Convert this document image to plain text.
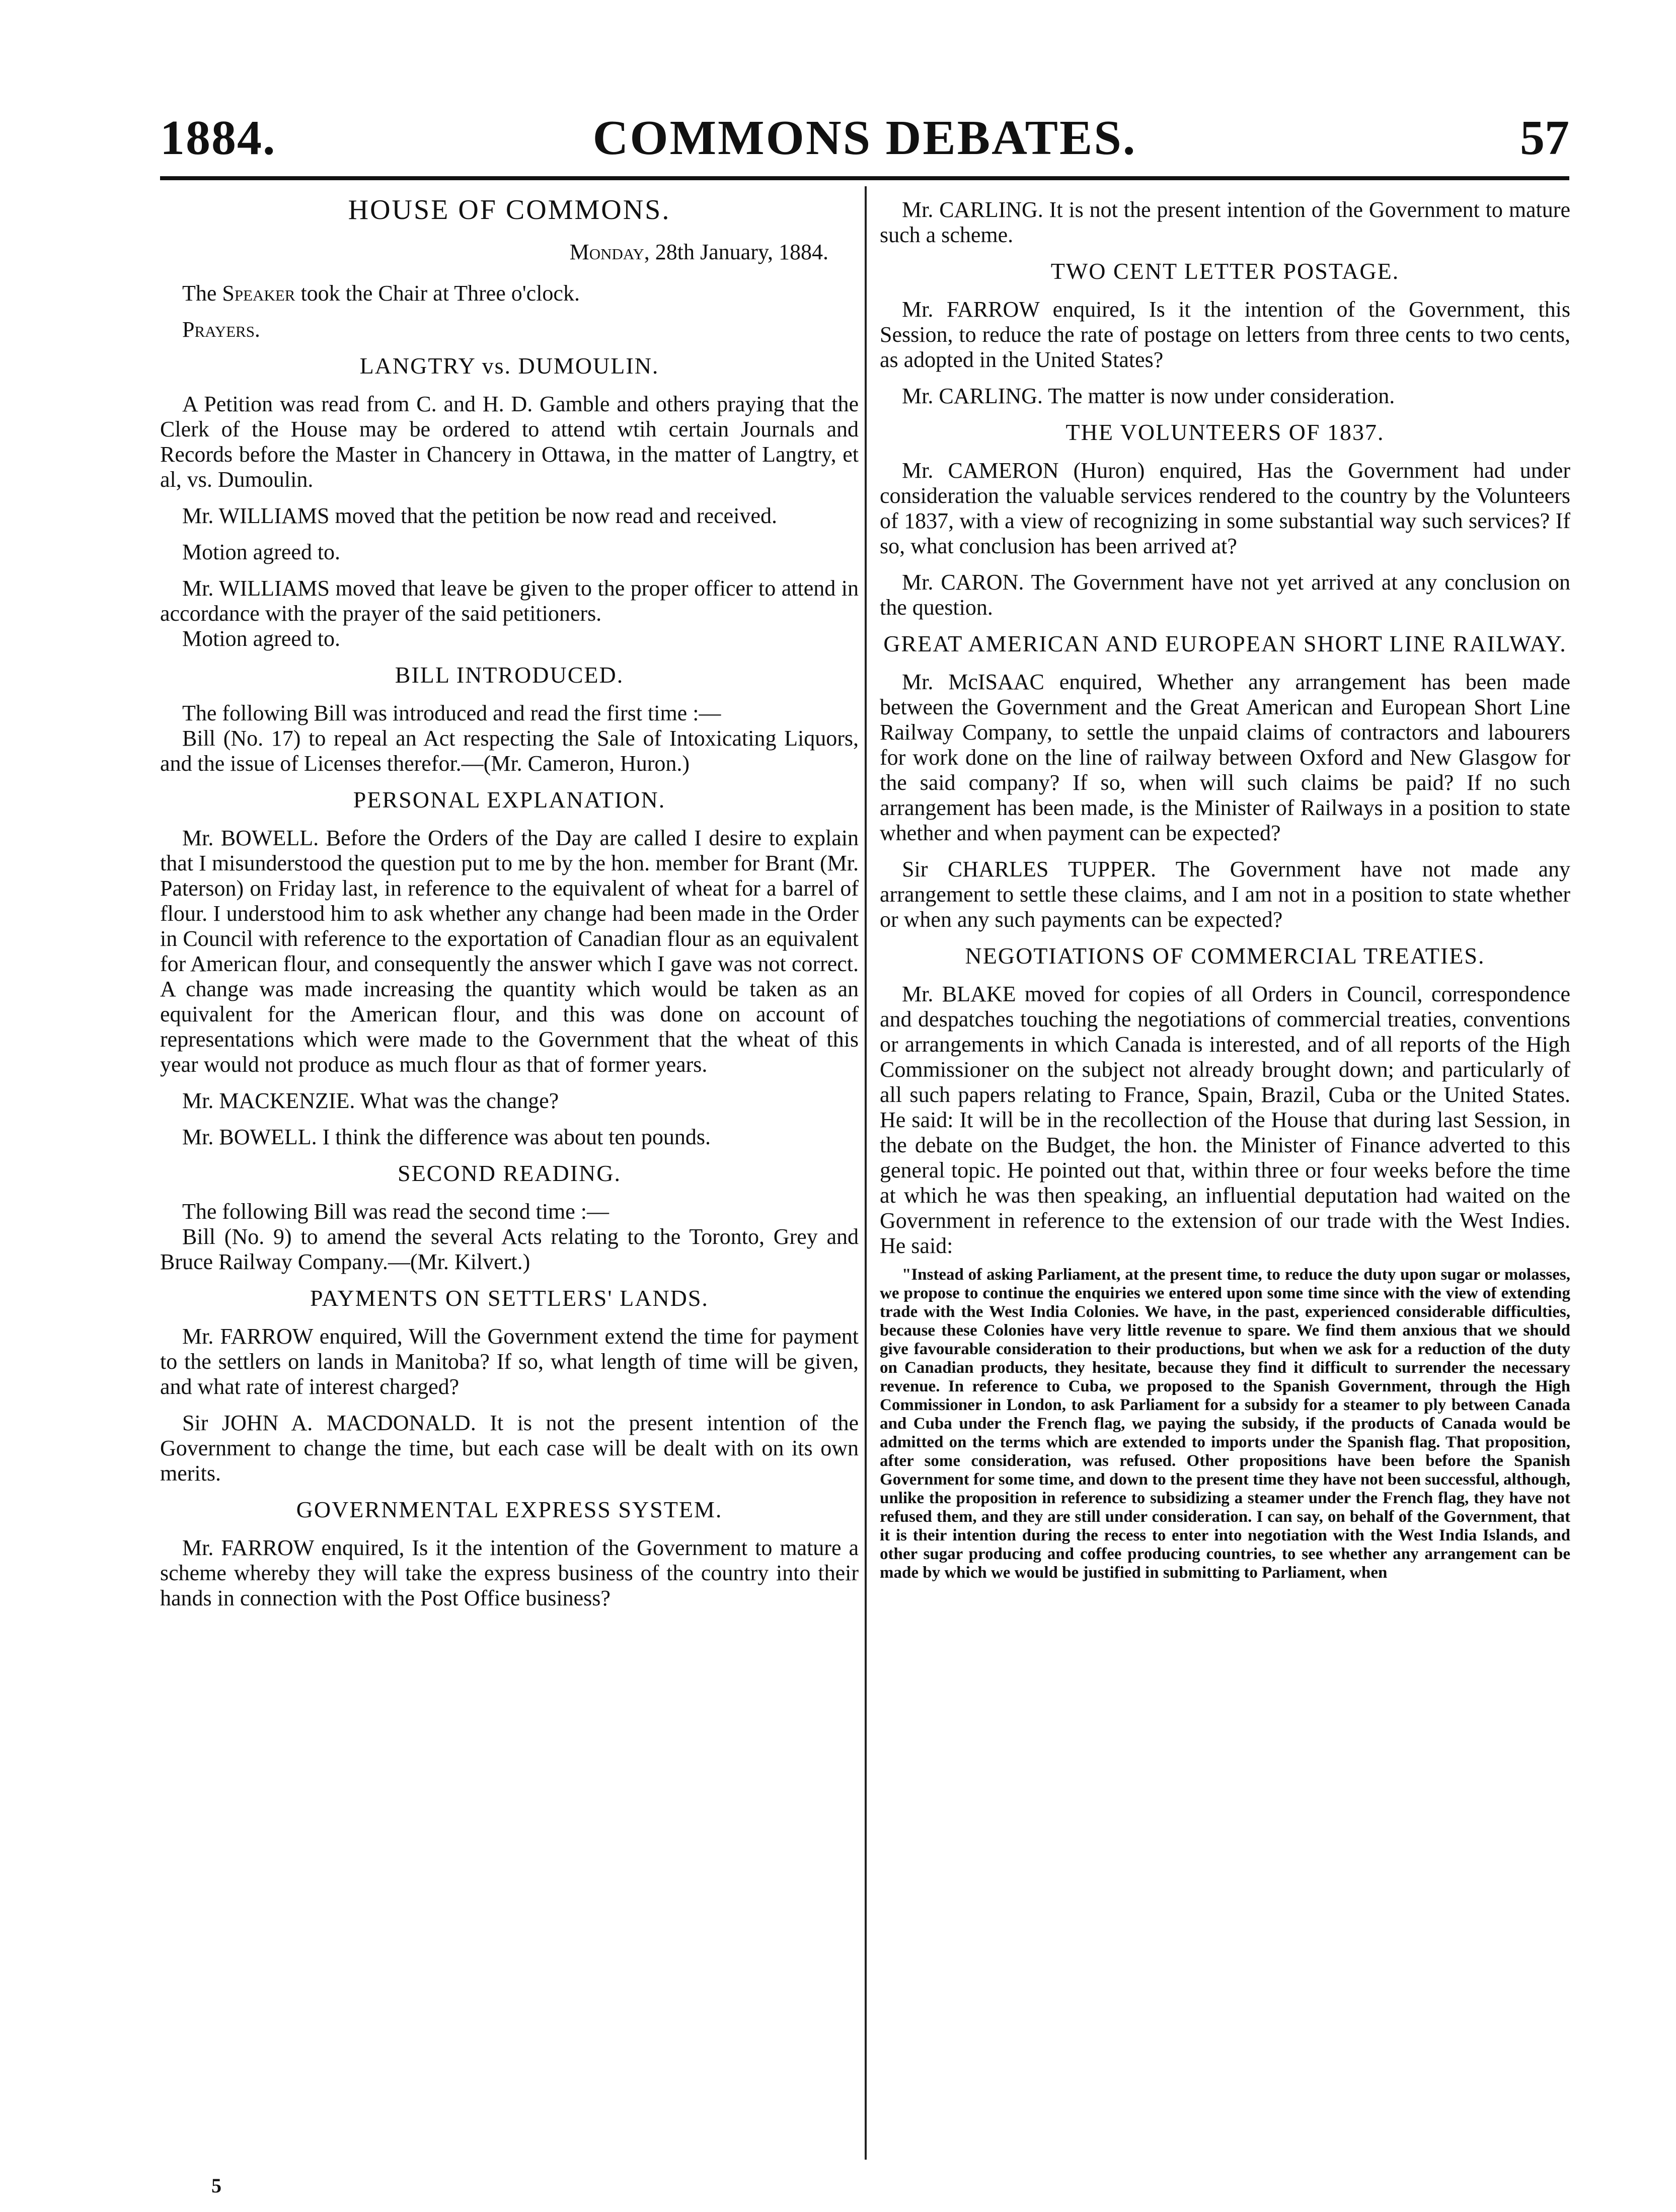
1884.	COMMONS DEBATES.	57
HOUSE OF COMMONS.
Monday, 28th January, 1884.

The Speaker took the Chair at Three o'clock.

Prayers.

LANGTRY vs. DUMOULIN.

A Petition was read from C. and H. D. Gamble and others praying that the Clerk of the House may be ordered to attend wtih certain Journals and Records before the Master in Chancery in Ottawa, in the matter of Langtry, et al, vs. Dumoulin.

Mr. WILLIAMS moved that the petition be now read and received.

Motion agreed to.

Mr. WILLIAMS moved that leave be given to the proper officer to attend in accordance with the prayer of the said petitioners.

Motion agreed to.

BILL INTRODUCED.

The following Bill was introduced and read the first time :—

Bill (No. 17) to repeal an Act respecting the Sale of Intoxicating Liquors, and the issue of Licenses therefor.—(Mr. Cameron, Huron.)

PERSONAL EXPLANATION.

Mr. BOWELL. Before the Orders of the Day are called I desire to explain that I misunderstood the question put to me by the hon. member for Brant (Mr. Paterson) on Friday last, in reference to the equivalent of wheat for a barrel of flour. I understood him to ask whether any change had been made in the Order in Council with reference to the exportation of Canadian flour as an equivalent for American flour, and consequently the answer which I gave was not correct. A change was made increasing the quantity which would be taken as an equivalent for the American flour, and this was done on account of representations which were made to the Government that the wheat of this year would not produce as much flour as that of former years.

Mr. MACKENZIE. What was the change?

Mr. BOWELL. I think the difference was about ten pounds.

SECOND READING.

The following Bill was read the second time :—

Bill (No. 9) to amend the several Acts relating to the Toronto, Grey and Bruce Railway Company.—(Mr. Kilvert.)

PAYMENTS ON SETTLERS' LANDS.

Mr. FARROW enquired, Will the Government extend the time for payment to the settlers on lands in Manitoba? If so, what length of time will be given, and what rate of interest charged?

Sir JOHN A. MACDONALD. It is not the present intention of the Government to change the time, but each case will be dealt with on its own merits.

GOVERNMENTAL EXPRESS SYSTEM.

Mr. FARROW enquired, Is it the intention of the Government to mature a scheme whereby they will take the express business of the country into their hands in connection with the Post Office business?

5

Mr. CARLING. It is not the present intention of the Government to mature such a scheme.

TWO CENT LETTER POSTAGE.

Mr. FARROW enquired, Is it the intention of the Government, this Session, to reduce the rate of postage on letters from three cents to two cents, as adopted in the United States?

Mr. CARLING. The matter is now under consideration.

THE VOLUNTEERS OF 1837.

Mr. CAMERON (Huron) enquired, Has the Government had under consideration the valuable services rendered to the country by the Volunteers of 1837, with a view of recognizing in some substantial way such services? If so, what conclusion has been arrived at?

Mr. CARON. The Government have not yet arrived at any conclusion on the question.

GREAT AMERICAN AND EUROPEAN SHORT LINE RAILWAY.

Mr. McISAAC enquired, Whether any arrangement has been made between the Government and the Great American and European Short Line Railway Company, to settle the unpaid claims of contractors and labourers for work done on the line of railway between Oxford and New Glasgow for the said company? If so, when will such claims be paid? If no such arrangement has been made, is the Minister of Railways in a position to state whether and when payment can be expected?

Sir CHARLES TUPPER. The Government have not made any arrangement to settle these claims, and I am not in a position to state whether or when any such payments can be expected?

NEGOTIATIONS OF COMMERCIAL TREATIES.

Mr. BLAKE moved for copies of all Orders in Council, correspondence and despatches touching the negotiations of commercial treaties, conventions or arrangements in which Canada is interested, and of all reports of the High Commissioner on the subject not already brought down; and particularly of all such papers relating to France, Spain, Brazil, Cuba or the United States. He said: It will be in the recollection of the House that during last Session, in the debate on the Budget, the hon. the Minister of Finance adverted to this general topic. He pointed out that, within three or four weeks before the time at which he was then speaking, an influential deputation had waited on the Government in reference to the extension of our trade with the West Indies. He said:

"Instead of asking Parliament, at the present time, to reduce the duty upon sugar or molasses, we propose to continue the enquiries we entered upon some time since with the view of extending trade with the West India Colonies. We have, in the past, experienced considerable difficulties, because these Colonies have very little revenue to spare. We find them anxious that we should give favourable consideration to their productions, but when we ask for a reduction of the duty on Canadian products, they hesitate, because they find it difficult to surrender the necessary revenue. In reference to Cuba, we proposed to the Spanish Government, through the High Commissioner in London, to ask Parliament for a subsidy for a steamer to ply between Canada and Cuba under the French flag, we paying the subsidy, if the products of Canada would be admitted on the terms which are extended to imports under the Spanish flag. That proposition, after some consideration, was refused. Other propositions have been before the Spanish Government for some time, and down to the present time they have not been successful, although, unlike the proposition in reference to subsidizing a steamer under the French flag, they have not refused them, and they are still under consideration. I can say, on behalf of the Government, that it is their intention during the recess to enter into negotiation with the West India Islands, and other sugar producing and coffee producing countries, to see whether any arrangement can be made by which we would be justified in submitting to Parliament, when
